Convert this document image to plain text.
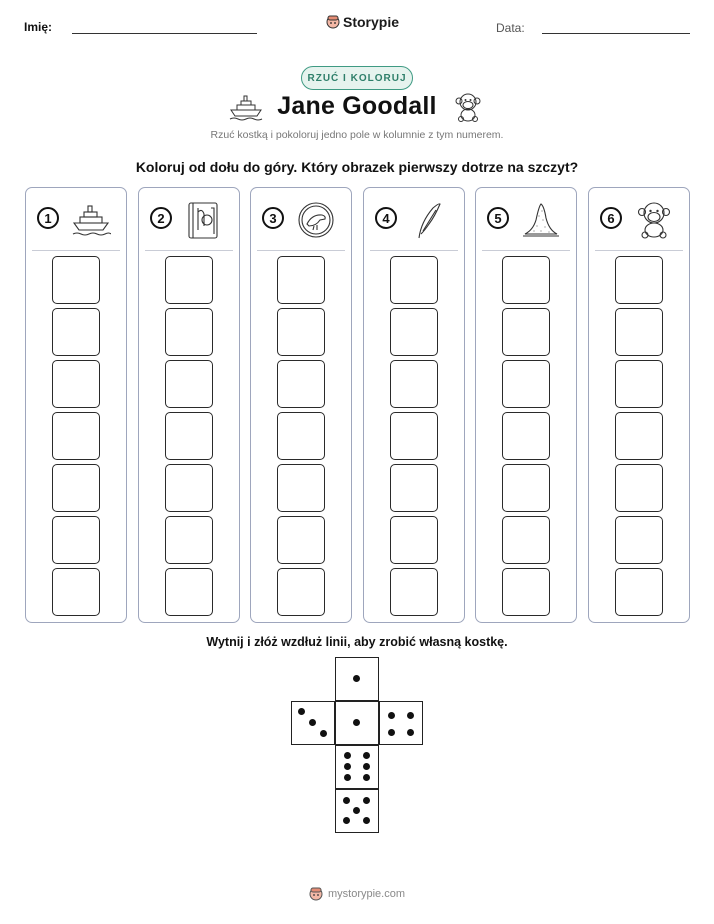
Imię:	Storypie	Data:
RZUĆ I KOLORUJ
Jane Goodall
Rzuć kostką i pokoloruj jedno pole w kolumnie z tym numerem.
Koloruj od dołu do góry. Który obrazek pierwszy dotrze na szczyt?
1	2	3	4	5	6
Wytnij i złóż wzdłuż linii, aby zrobić własną kostkę.
mystorypie.com
